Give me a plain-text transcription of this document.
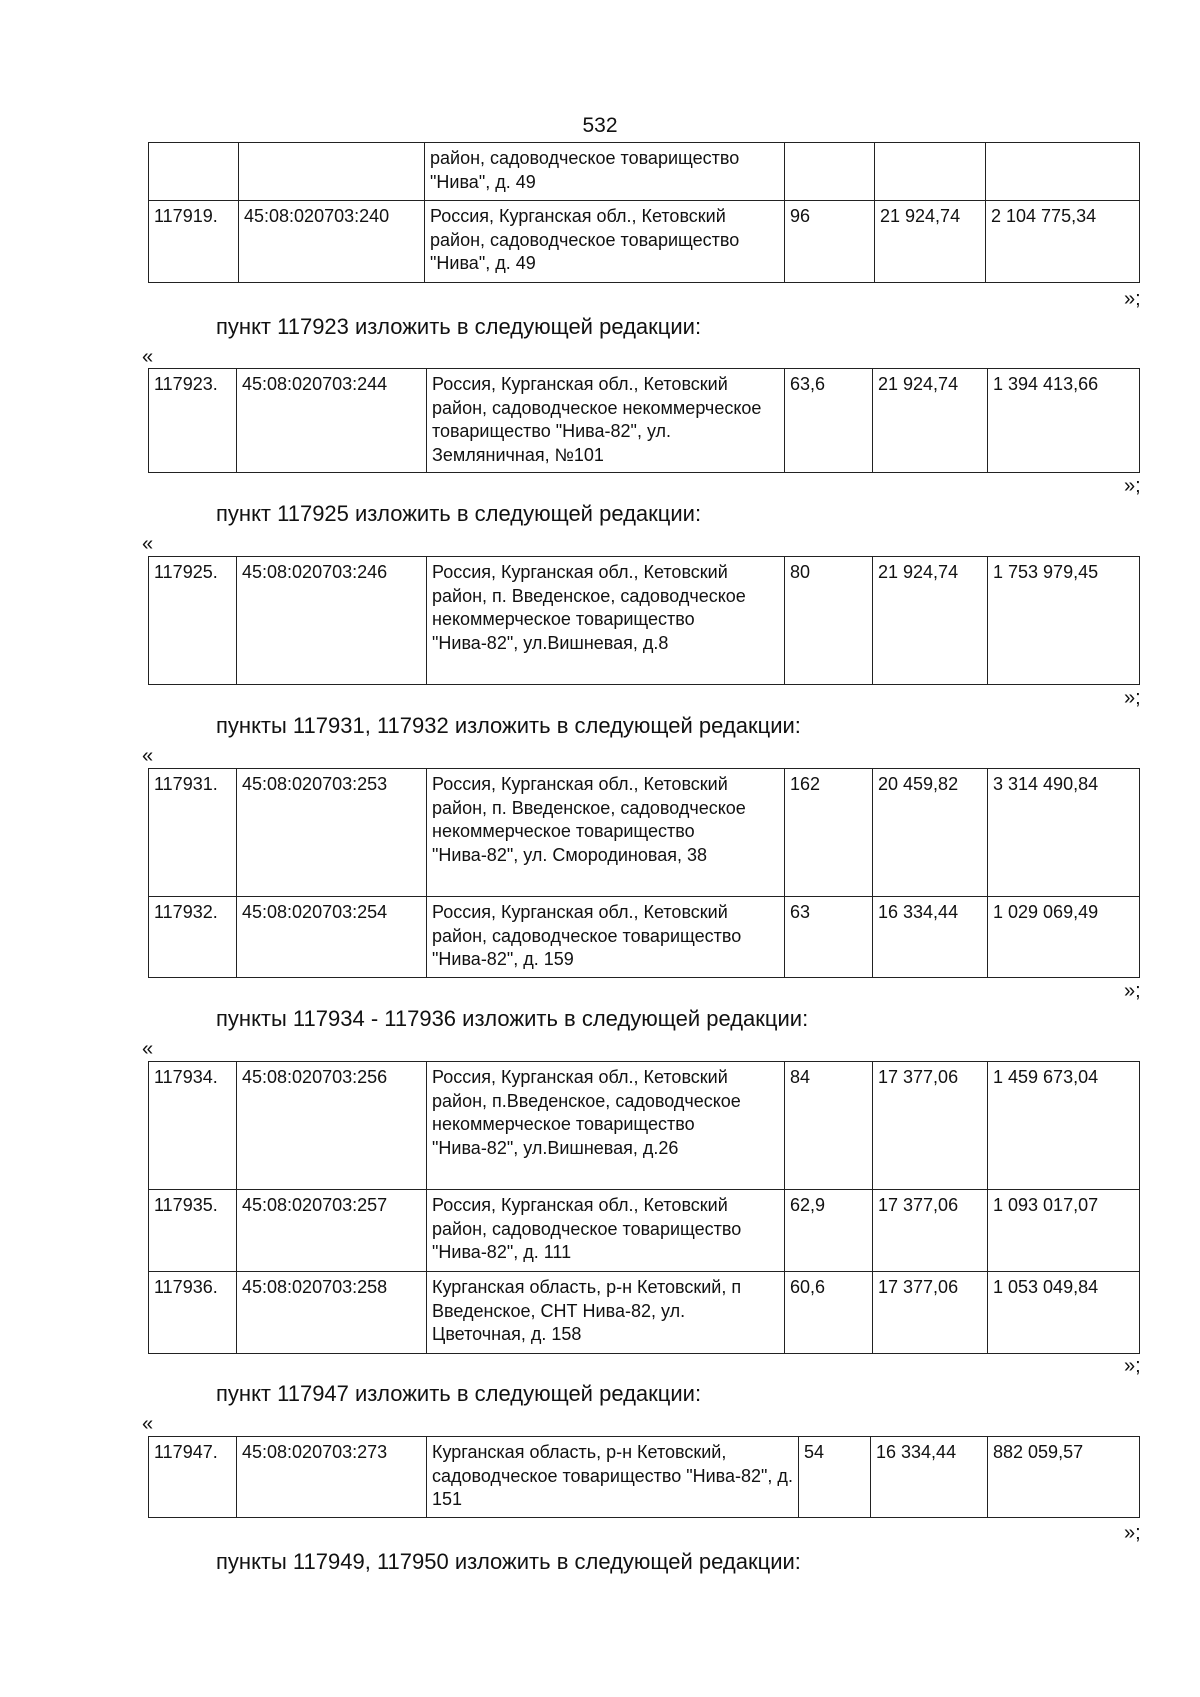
532
		район, садоводческое товарищество "Нива", д. 49			
117919.	45:08:020703:240	Россия, Курганская обл., Кетовский район, садоводческое товарищество "Нива", д. 49	96	21 924,74	2 104 775,34
»;
пункт 117923 изложить в следующей редакции:
«
117923.	45:08:020703:244	Россия, Курганская обл., Кетовский район, садоводческое некоммерческое товарищество "Нива-82", ул. Земляничная, №101	63,6	21 924,74	1 394 413,66
»;
пункт 117925 изложить в следующей редакции:
«
117925.	45:08:020703:246	Россия, Курганская обл., Кетовский район, п. Введенское, садоводческое некоммерческое товарищество "Нива-82", ул.Вишневая, д.8	80	21 924,74	1 753 979,45
»;
пункты 117931, 117932 изложить в следующей редакции:
«
117931.	45:08:020703:253	Россия, Курганская обл., Кетовский район, п. Введенское, садоводческое некоммерческое товарищество "Нива-82", ул. Смородиновая, 38	162	20 459,82	3 314 490,84
117932.	45:08:020703:254	Россия, Курганская обл., Кетовский район, садоводческое товарищество "Нива-82", д. 159	63	16 334,44	1 029 069,49
»;
пункты 117934 - 117936 изложить в следующей редакции:
«
117934.	45:08:020703:256	Россия, Курганская обл., Кетовский район, п.Введенское, садоводческое некоммерческое товарищество "Нива-82", ул.Вишневая, д.26	84	17 377,06	1 459 673,04
117935.	45:08:020703:257	Россия, Курганская обл., Кетовский район, садоводческое товарищество "Нива-82", д. 111	62,9	17 377,06	1 093 017,07
117936.	45:08:020703:258	Курганская область, р-н Кетовский, п Введенское, СНТ Нива-82, ул. Цветочная, д. 158	60,6	17 377,06	1 053 049,84
»;
пункт 117947 изложить в следующей редакции:
«
117947.	45:08:020703:273	Курганская область, р-н Кетовский, садоводческое товарищество "Нива-82", д. 151	54	16 334,44	882 059,57
»;
пункты 117949, 117950 изложить в следующей редакции:
